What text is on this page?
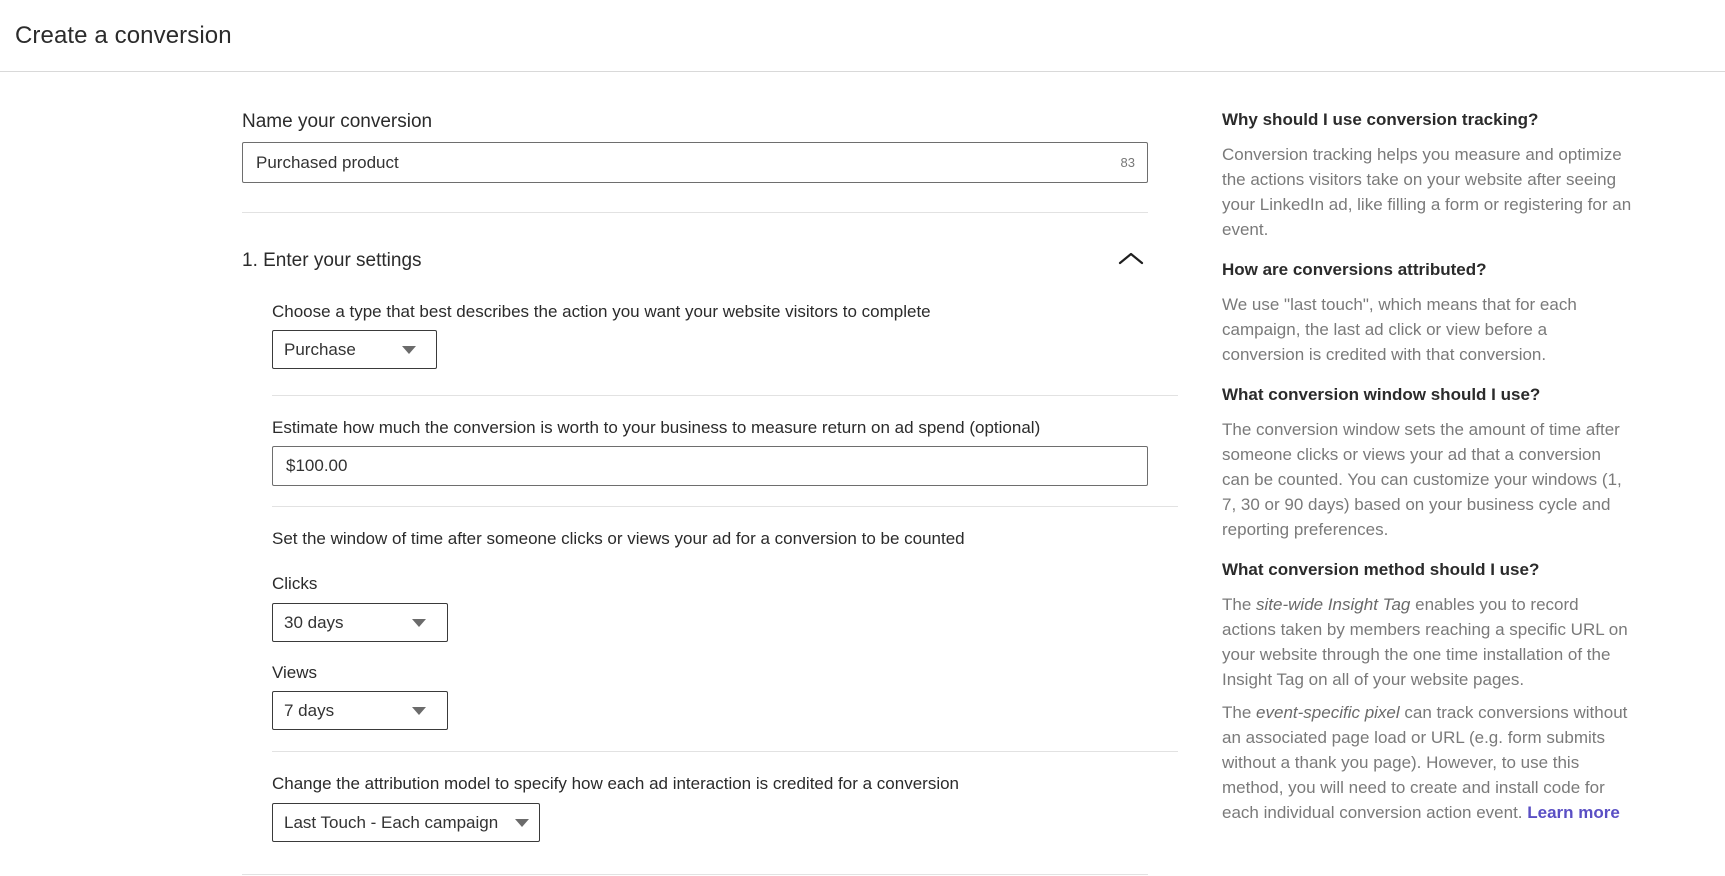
Create a conversion
Name your conversion
Purchased product
83
1. Enter your settings
Choose a type that best describes the action you want your website visitors to complete
Purchase
Estimate how much the conversion is worth to your business to measure return on ad spend (optional)
$100.00
Set the window of time after someone clicks or views your ad for a conversion to be counted
Clicks
30 days
Views
7 days
Change the attribution model to specify how each ad interaction is credited for a conversion
Last Touch - Each campaign
Why should I use conversion tracking?
Conversion tracking helps you measure and optimize the actions visitors take on your website after seeing your LinkedIn ad, like filling a form or registering for an event.
How are conversions attributed?
We use "last touch", which means that for each campaign, the last ad click or view before a conversion is credited with that conversion.
What conversion window should I use?
The conversion window sets the amount of time after someone clicks or views your ad that a conversion can be counted. You can customize your windows (1, 7, 30 or 90 days) based on your business cycle and reporting preferences.
What conversion method should I use?
The site-wide Insight Tag enables you to record actions taken by members reaching a specific URL on your website through the one time installation of the Insight Tag on all of your website pages.
The event-specific pixel can track conversions without an associated page load or URL (e.g. form submits without a thank you page). However, to use this method, you will need to create and install code for each individual conversion action event. Learn more
